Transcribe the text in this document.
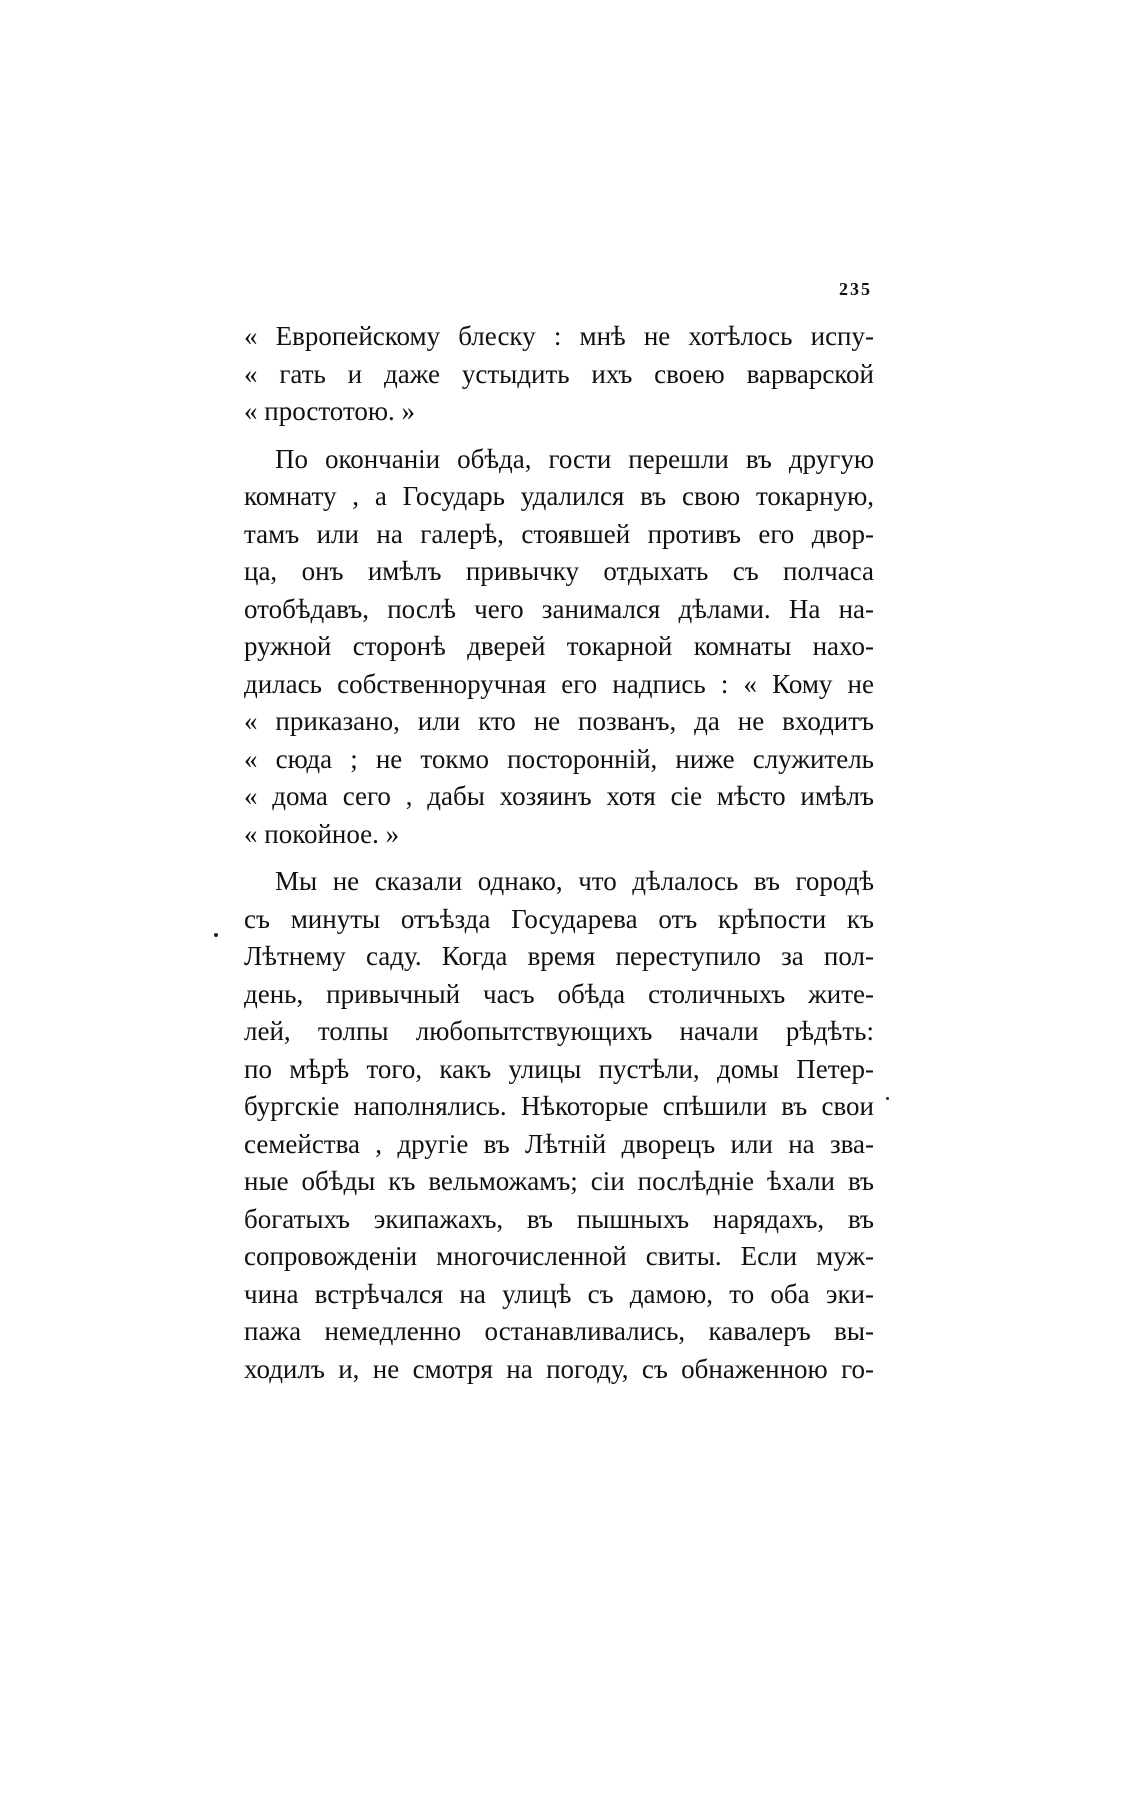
235
« Европейскому блеску : мнѣ не хотѣлось испу-
« гать и даже устыдить ихъ своею варварской
« простотою. »
По окончаніи обѣда, гости перешли въ другую
комнату , а Государь удалился въ свою токарную,
тамъ или на галерѣ, стоявшей противъ его двор-
ца, онъ имѣлъ привычку отдыхать съ полчаса
отобѣдавъ, послѣ чего занимался дѣлами. На на-
ружной сторонѣ дверей токарной комнаты нахо-
дилась собственноручная его надпись : « Кому не
« приказано, или кто не позванъ, да не входитъ
« сюда ; не токмо посторонній, ниже служитель
« дома сего , дабы хозяинъ хотя сіе мѣсто имѣлъ
« покойное. »
Мы не сказали однако, что дѣлалось въ городѣ
съ минуты отъѣзда Государева отъ крѣпости къ
Лѣтнему саду. Когда время переступило за пол-
день, привычный часъ обѣда столичныхъ жите-
лей, толпы любопытствующихъ начали рѣдѣть:
по мѣрѣ того, какъ улицы пустѣли, домы Петер-
бургскіе наполнялись. Нѣкоторые спѣшили въ свои
семейства , другіе въ Лѣтній дворецъ или на зва-
ные обѣды къ вельможамъ; сіи послѣдніе ѣхали въ
богатыхъ экипажахъ, въ пышныхъ нарядахъ, въ
сопровожденіи многочисленной свиты. Если муж-
чина встрѣчался на улицѣ съ дамою, то оба эки-
пажа немедленно останавливались, кавалеръ вы-
ходилъ и, не смотря на погоду, съ обнаженною го-
